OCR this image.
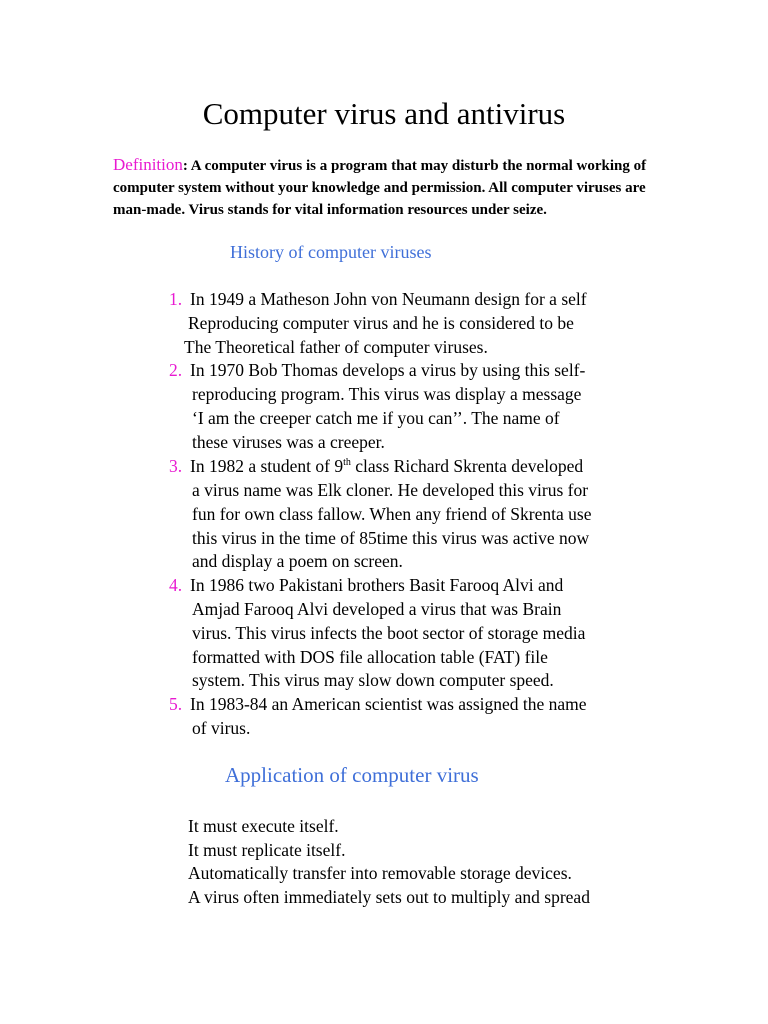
Computer virus and antivirus
Definition: A computer virus is a program that may disturb the normal working of computer system without your knowledge and permission. All computer viruses are man-made. Virus stands for vital information resources under seize.
History of computer viruses
1. In 1949 a Matheson John von Neumann design for a self
Reproducing computer virus and he is considered to be
The Theoretical father of computer viruses.
2. In 1970 Bob Thomas develops a virus by using this self-
reproducing program. This virus was display a message
‘I am the creeper catch me if you can’’. The name of
these viruses was a creeper.
3. In 1982 a student of 9th class Richard Skrenta developed
a virus name was Elk cloner. He developed this virus for
fun for own class fallow. When any friend of Skrenta use
this virus in the time of 85time this virus was active now
and display a poem on screen.
4. In 1986 two Pakistani brothers Basit Farooq Alvi and
Amjad Farooq Alvi developed a virus that was Brain
virus. This virus infects the boot sector of storage media
formatted with DOS file allocation table (FAT) file
system. This virus may slow down computer speed.
5. In 1983-84 an American scientist was assigned the name
of virus.
Application of computer virus
It must execute itself.
It must replicate itself.
Automatically transfer into removable storage devices.
A virus often immediately sets out to multiply and spread
